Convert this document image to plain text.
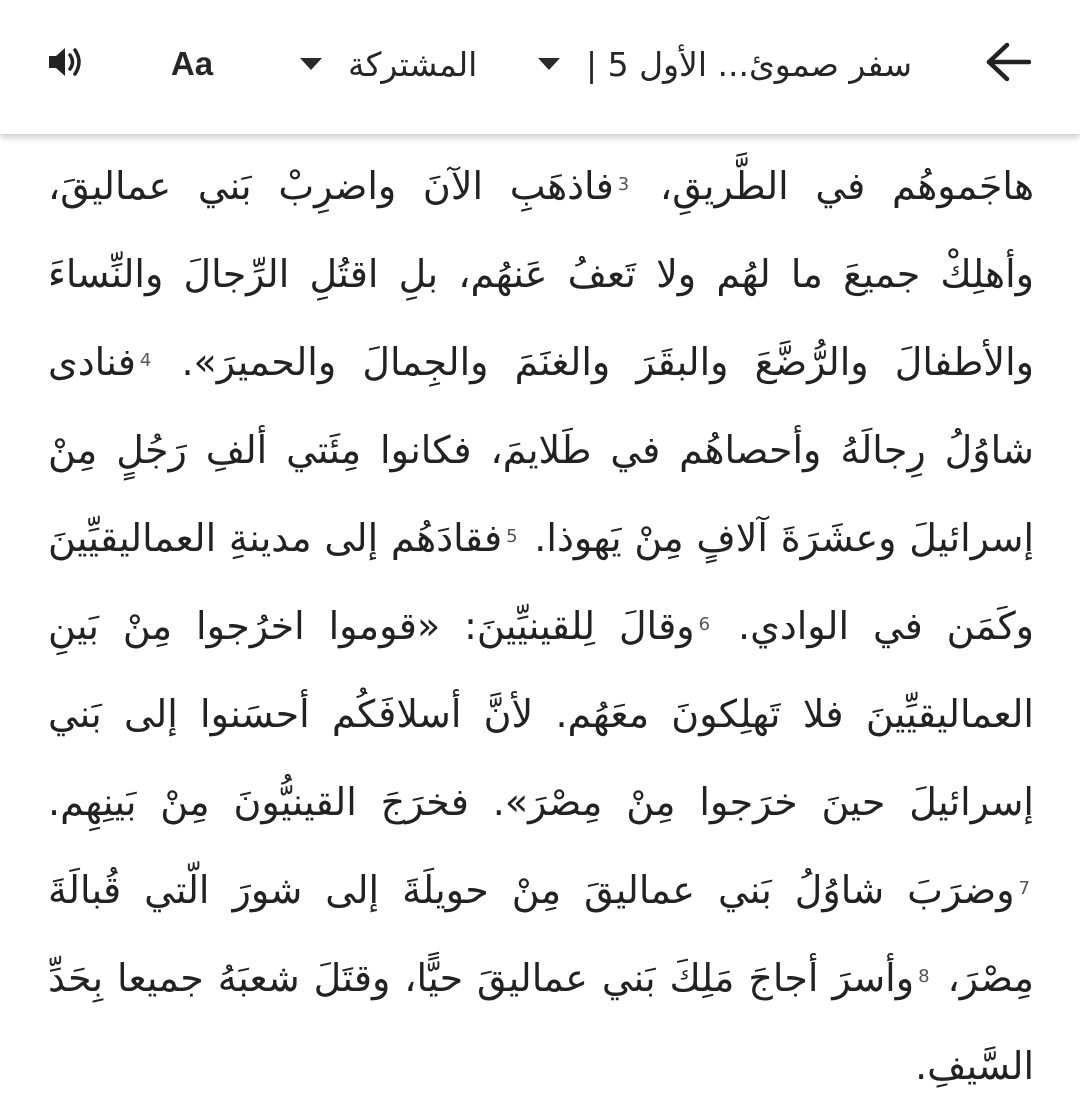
سفر صموئ... الأول 5 |
المشتركة
Aa

هاجَموهُم في الطَّريقِ، $^3$فاذهَبِ الآنَ واضرِبْ بَني عماليقَ، وأهلِكْ جميعَ ما لهُم ولا تَعفُ عَنهُم، بلِ اقتُلِ الرِّجالَ والنِّساءَ والأطفالَ والرُّضَّعَ والبقَرَ والغنَمَ والجِمالَ والحميرَ». $^4$فنادى شاوُلُ رِجالَهُ وأحصاهُم في طَلايمَ، فكانوا مِئَتي ألفِ رَجُلٍ مِنْ إسرائيلَ وعشَرَةَ آلافٍ مِنْ يَهوذا. $^5$فقادَهُم إلى مدينةِ العماليقيِّينَ وكَمَن في الوادي. $^6$وقالَ لِلقينيِّينَ: «قوموا اخرُجوا مِنْ بَينِ العماليقيِّينَ فلا تَهلِكونَ معَهُم. لأنَّ أسلافَكُم أحسَنوا إلى بَني إسرائيلَ حينَ خرَجوا مِنْ مِصْرَ». فخرَجَ القينيُّونَ مِنْ بَينِهِم. $^7$وضرَبَ شاوُلُ بَني عماليقَ مِنْ حويلَةَ إلى شورَ الّتي قُبالَةَ مِصْرَ، $^8$وأسرَ أجاجَ مَلِكَ بَني عماليقَ حيًّا، وقتَلَ شعبَهُ جميعا بِحَدِّ السَّيفِ.
